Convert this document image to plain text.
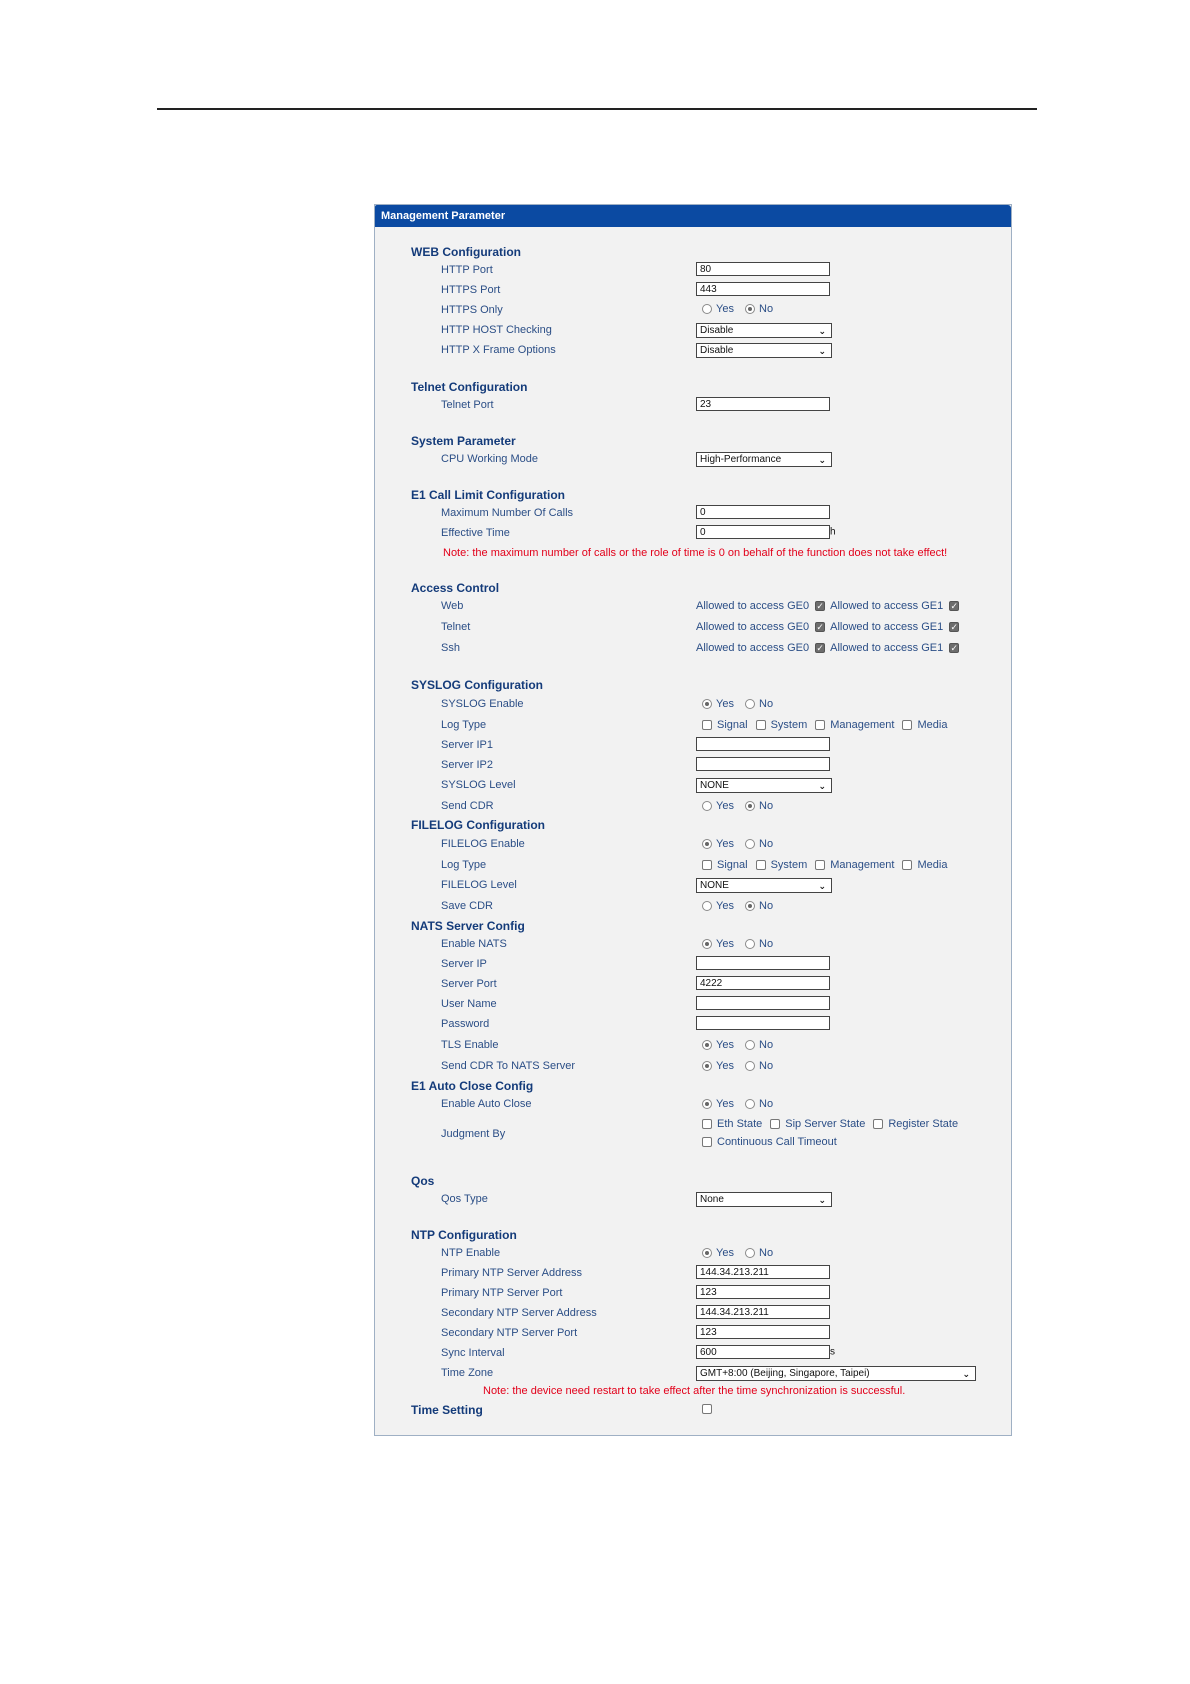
Management Parameter
WEB Configuration
HTTP Port	80
HTTPS Port	443
HTTPS Only	Yes No
HTTP HOST Checking	Disable	⌄
HTTP X Frame Options	Disable	⌄
Telnet Configuration
Telnet Port	23
System Parameter
CPU Working Mode	High-Performance	⌄
E1 Call Limit Configuration
Maximum Number Of Calls	0
Effective Time	0	h
Note: the maximum number of calls or the role of time is 0 on behalf of the function does not take effect!
Access Control
Web	Allowed to access GE0 ✓ Allowed to access GE1 ✓
Telnet	Allowed to access GE0 ✓ Allowed to access GE1 ✓
Ssh	Allowed to access GE0 ✓ Allowed to access GE1 ✓
SYSLOG Configuration
SYSLOG Enable	Yes No
Log Type	Signal System Management Media
Server IP1
Server IP2
SYSLOG Level	NONE	⌄
Send CDR	Yes No
FILELOG Configuration
FILELOG Enable	Yes No
Log Type	Signal System Management Media
FILELOG Level	NONE	⌄
Save CDR	Yes No
NATS Server Config
Enable NATS	Yes No
Server IP
Server Port	4222
User Name
Password
TLS Enable	Yes No
Send CDR To NATS Server	Yes No
E1 Auto Close Config
Enable Auto Close	Yes No
Judgment By
Eth State Sip Server State Register State
Continuous Call Timeout
Qos
Qos Type	None	⌄
NTP Configuration
NTP Enable	Yes No
Primary NTP Server Address	144.34.213.211
Primary NTP Server Port	123
Secondary NTP Server Address	144.34.213.211
Secondary NTP Server Port	123
Sync Interval	600	s
Time Zone	GMT+8:00 (Beijing, Singapore, Taipei)	⌄
Note: the device need restart to take effect after the time synchronization is successful.
Time Setting
